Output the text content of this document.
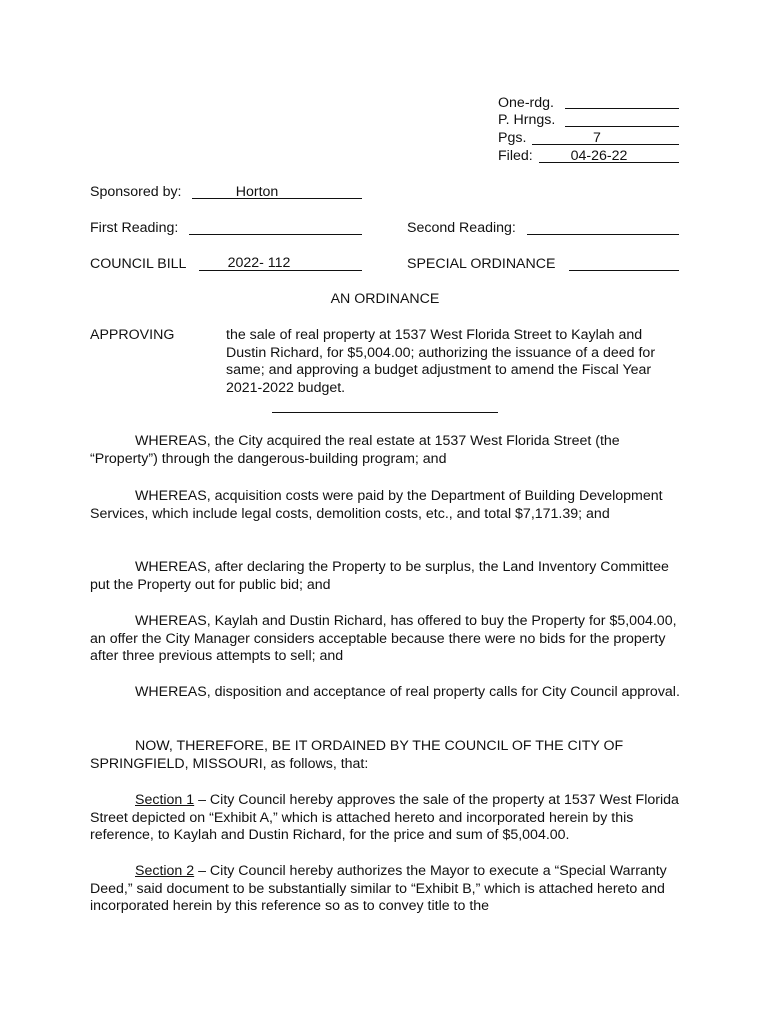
One-rdg.
P. Hrngs.
Pgs.	7
Filed:	04-26-22
Sponsored by:	Horton
First Reading:	Second Reading:
COUNCIL BILL	2022- 112	SPECIAL ORDINANCE
AN ORDINANCE
APPROVING	the sale of real property at 1537 West Florida Street to Kaylah and Dustin Richard, for $5,004.00; authorizing the issuance of a deed for same; and approving a budget adjustment to amend the Fiscal Year 2021-2022 budget.
WHEREAS, the City acquired the real estate at 1537 West Florida Street (the “Property”) through the dangerous-building program; and
WHEREAS, acquisition costs were paid by the Department of Building Development Services, which include legal costs, demolition costs, etc., and total $7,171.39; and
WHEREAS, after declaring the Property to be surplus, the Land Inventory Committee put the Property out for public bid; and
WHEREAS, Kaylah and Dustin Richard, has offered to buy the Property for $5,004.00, an offer the City Manager considers acceptable because there were no bids for the property after three previous attempts to sell; and
WHEREAS, disposition and acceptance of real property calls for City Council approval.
NOW, THEREFORE, BE IT ORDAINED BY THE COUNCIL OF THE CITY OF SPRINGFIELD, MISSOURI, as follows, that:
Section 1 – City Council hereby approves the sale of the property at 1537 West Florida Street depicted on “Exhibit A,” which is attached hereto and incorporated herein by this reference, to Kaylah and Dustin Richard, for the price and sum of $5,004.00.
Section 2 – City Council hereby authorizes the Mayor to execute a “Special Warranty Deed,” said document to be substantially similar to “Exhibit B,” which is attached hereto and incorporated herein by this reference so as to convey title to the
